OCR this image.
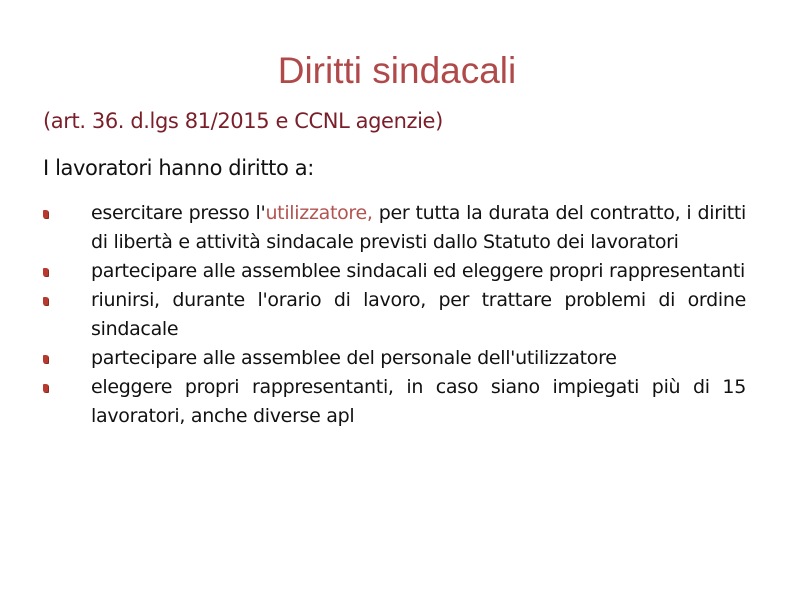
Diritti sindacali

(art. 36. d.lgs 81/2015 e CCNL agenzie)

I lavoratori hanno diritto a:

esercitare presso l'utilizzatore, per tutta la durata del contratto, i diritti di libertà e attività sindacale previsti dallo Statuto dei lavoratori
partecipare alle assemblee sindacali ed eleggere propri rappresentanti
riunirsi, durante l'orario di lavoro, per trattare problemi di ordine sindacale
partecipare alle assemblee del personale dell'utilizzatore
eleggere propri rappresentanti, in caso siano impiegati più di 15 lavoratori, anche diverse apl
